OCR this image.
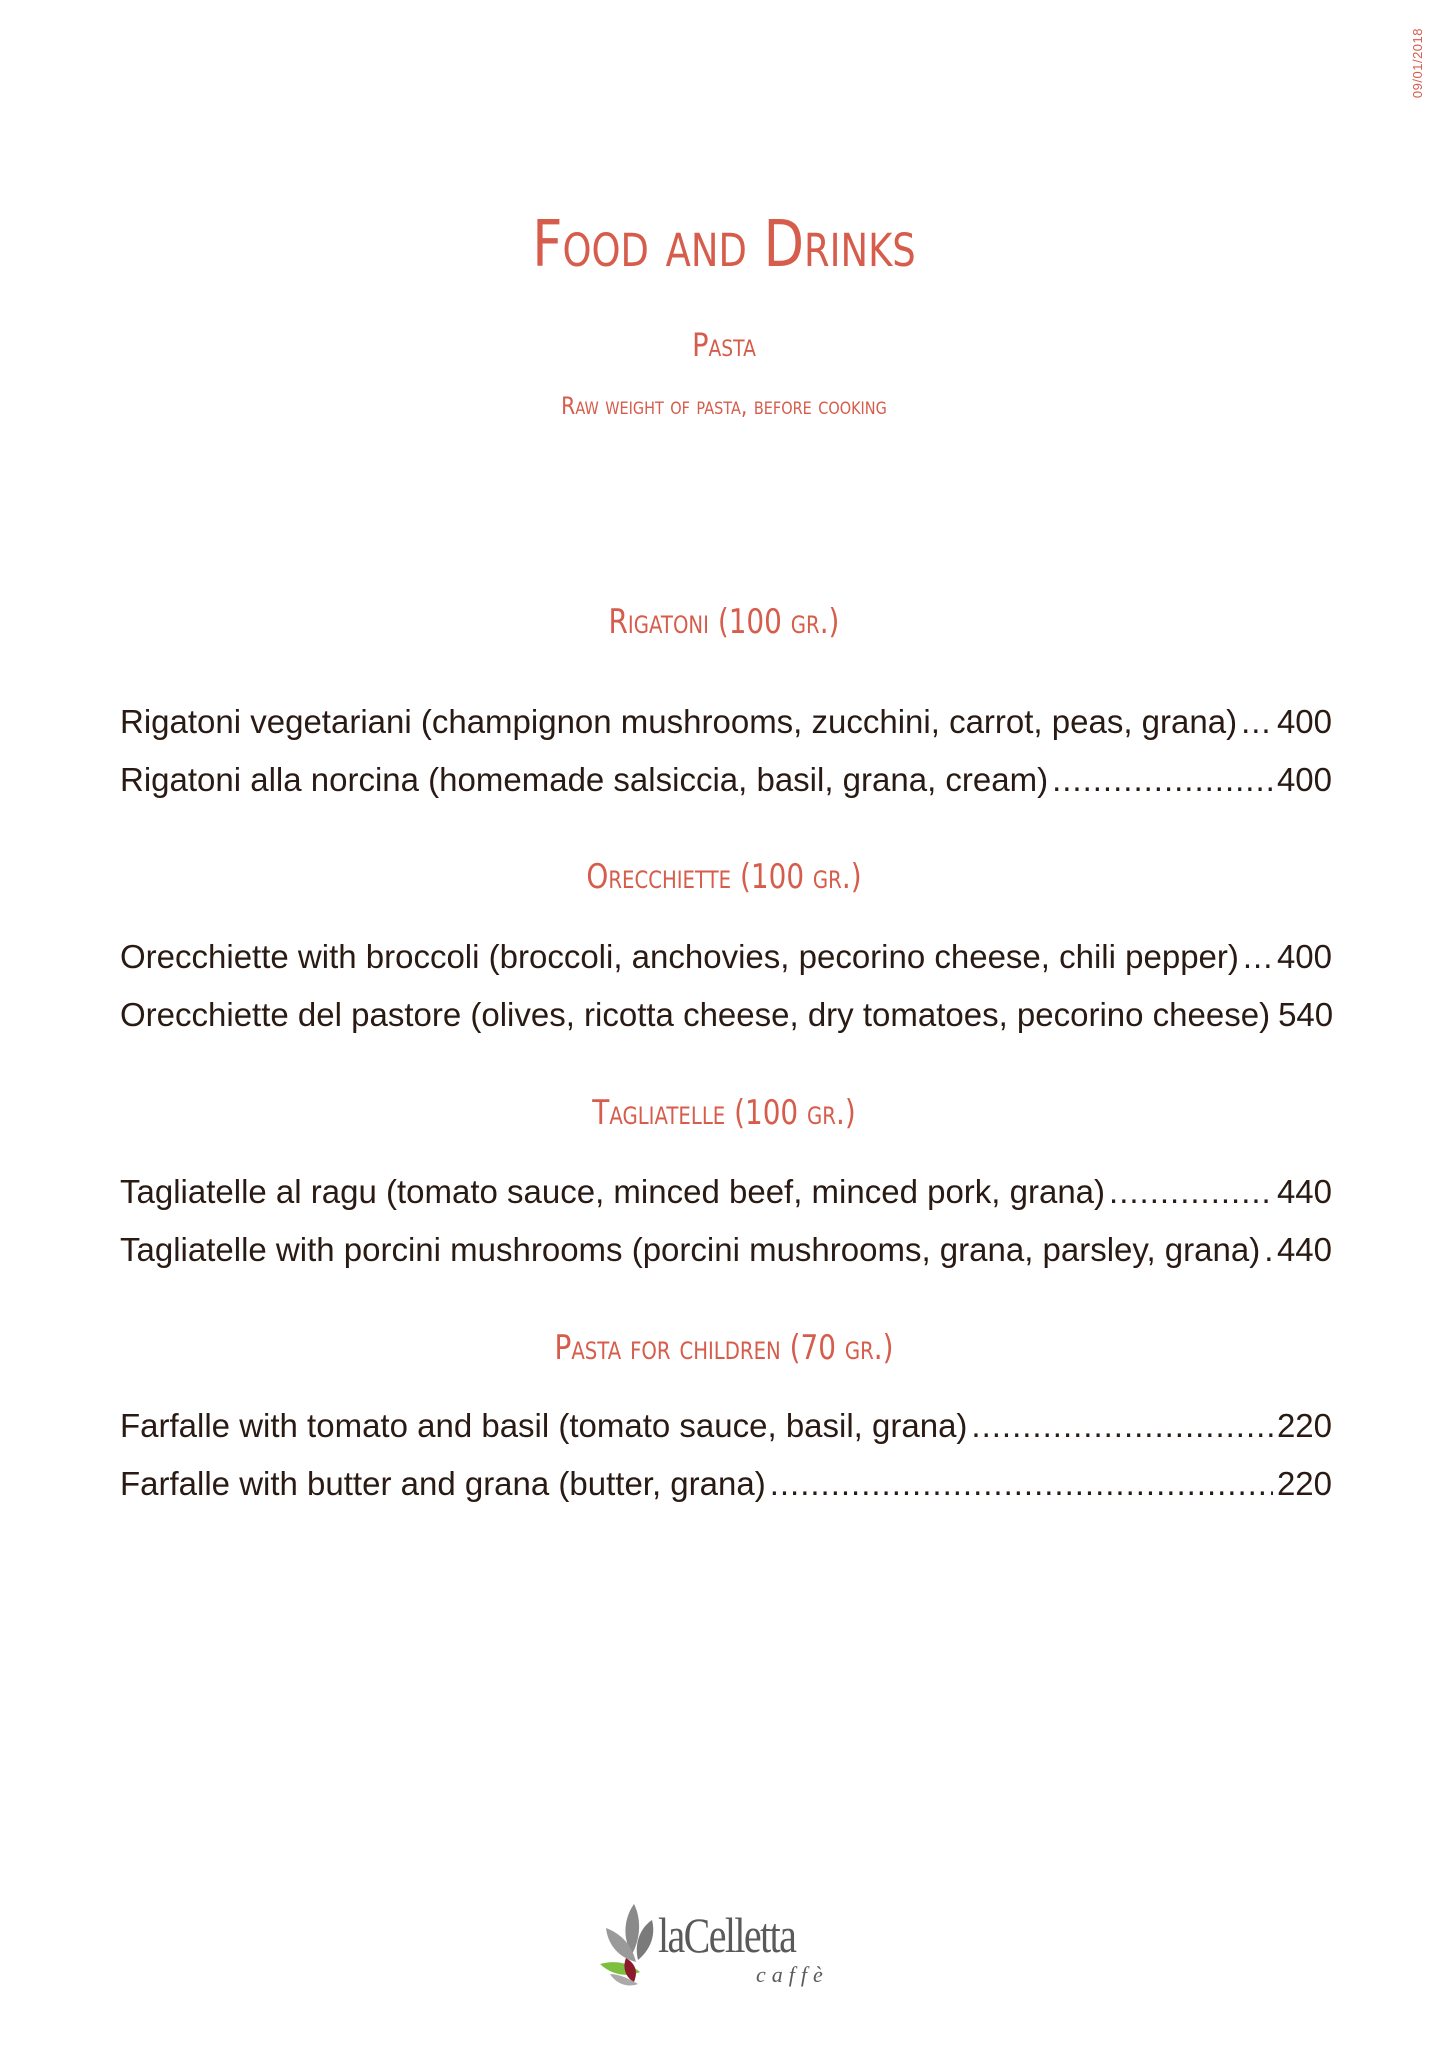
09/01/2018
Food and Drinks
Pasta
Raw weight of pasta, before cooking
Rigatoni (100 gr.)
Rigatoni vegetariani (champignon mushrooms, zucchini, carrot, peas, grana) ..... 400
Rigatoni alla norcina (homemade salsiccia, basil, grana, cream) .....	400
Orecchiette (100 gr.)
Orecchiette with broccoli (broccoli, anchovies, pecorino cheese, chili pepper) ..... 400
Orecchiette del pastore (olives, ricotta cheese, dry tomatoes, pecorino cheese) 540
Tagliatelle (100 gr.)
Tagliatelle al ragu (tomato sauce, minced beef, minced pork, grana) .....	440
Tagliatelle with porcini mushrooms (porcini mushrooms, grana, parsley, grana) ..... 440
Pasta for children (70 gr.)
Farfalle with tomato and basil (tomato sauce, basil, grana) .....	220
Farfalle with butter and grana (butter, grana) .....	220
laCelletta
caffè
